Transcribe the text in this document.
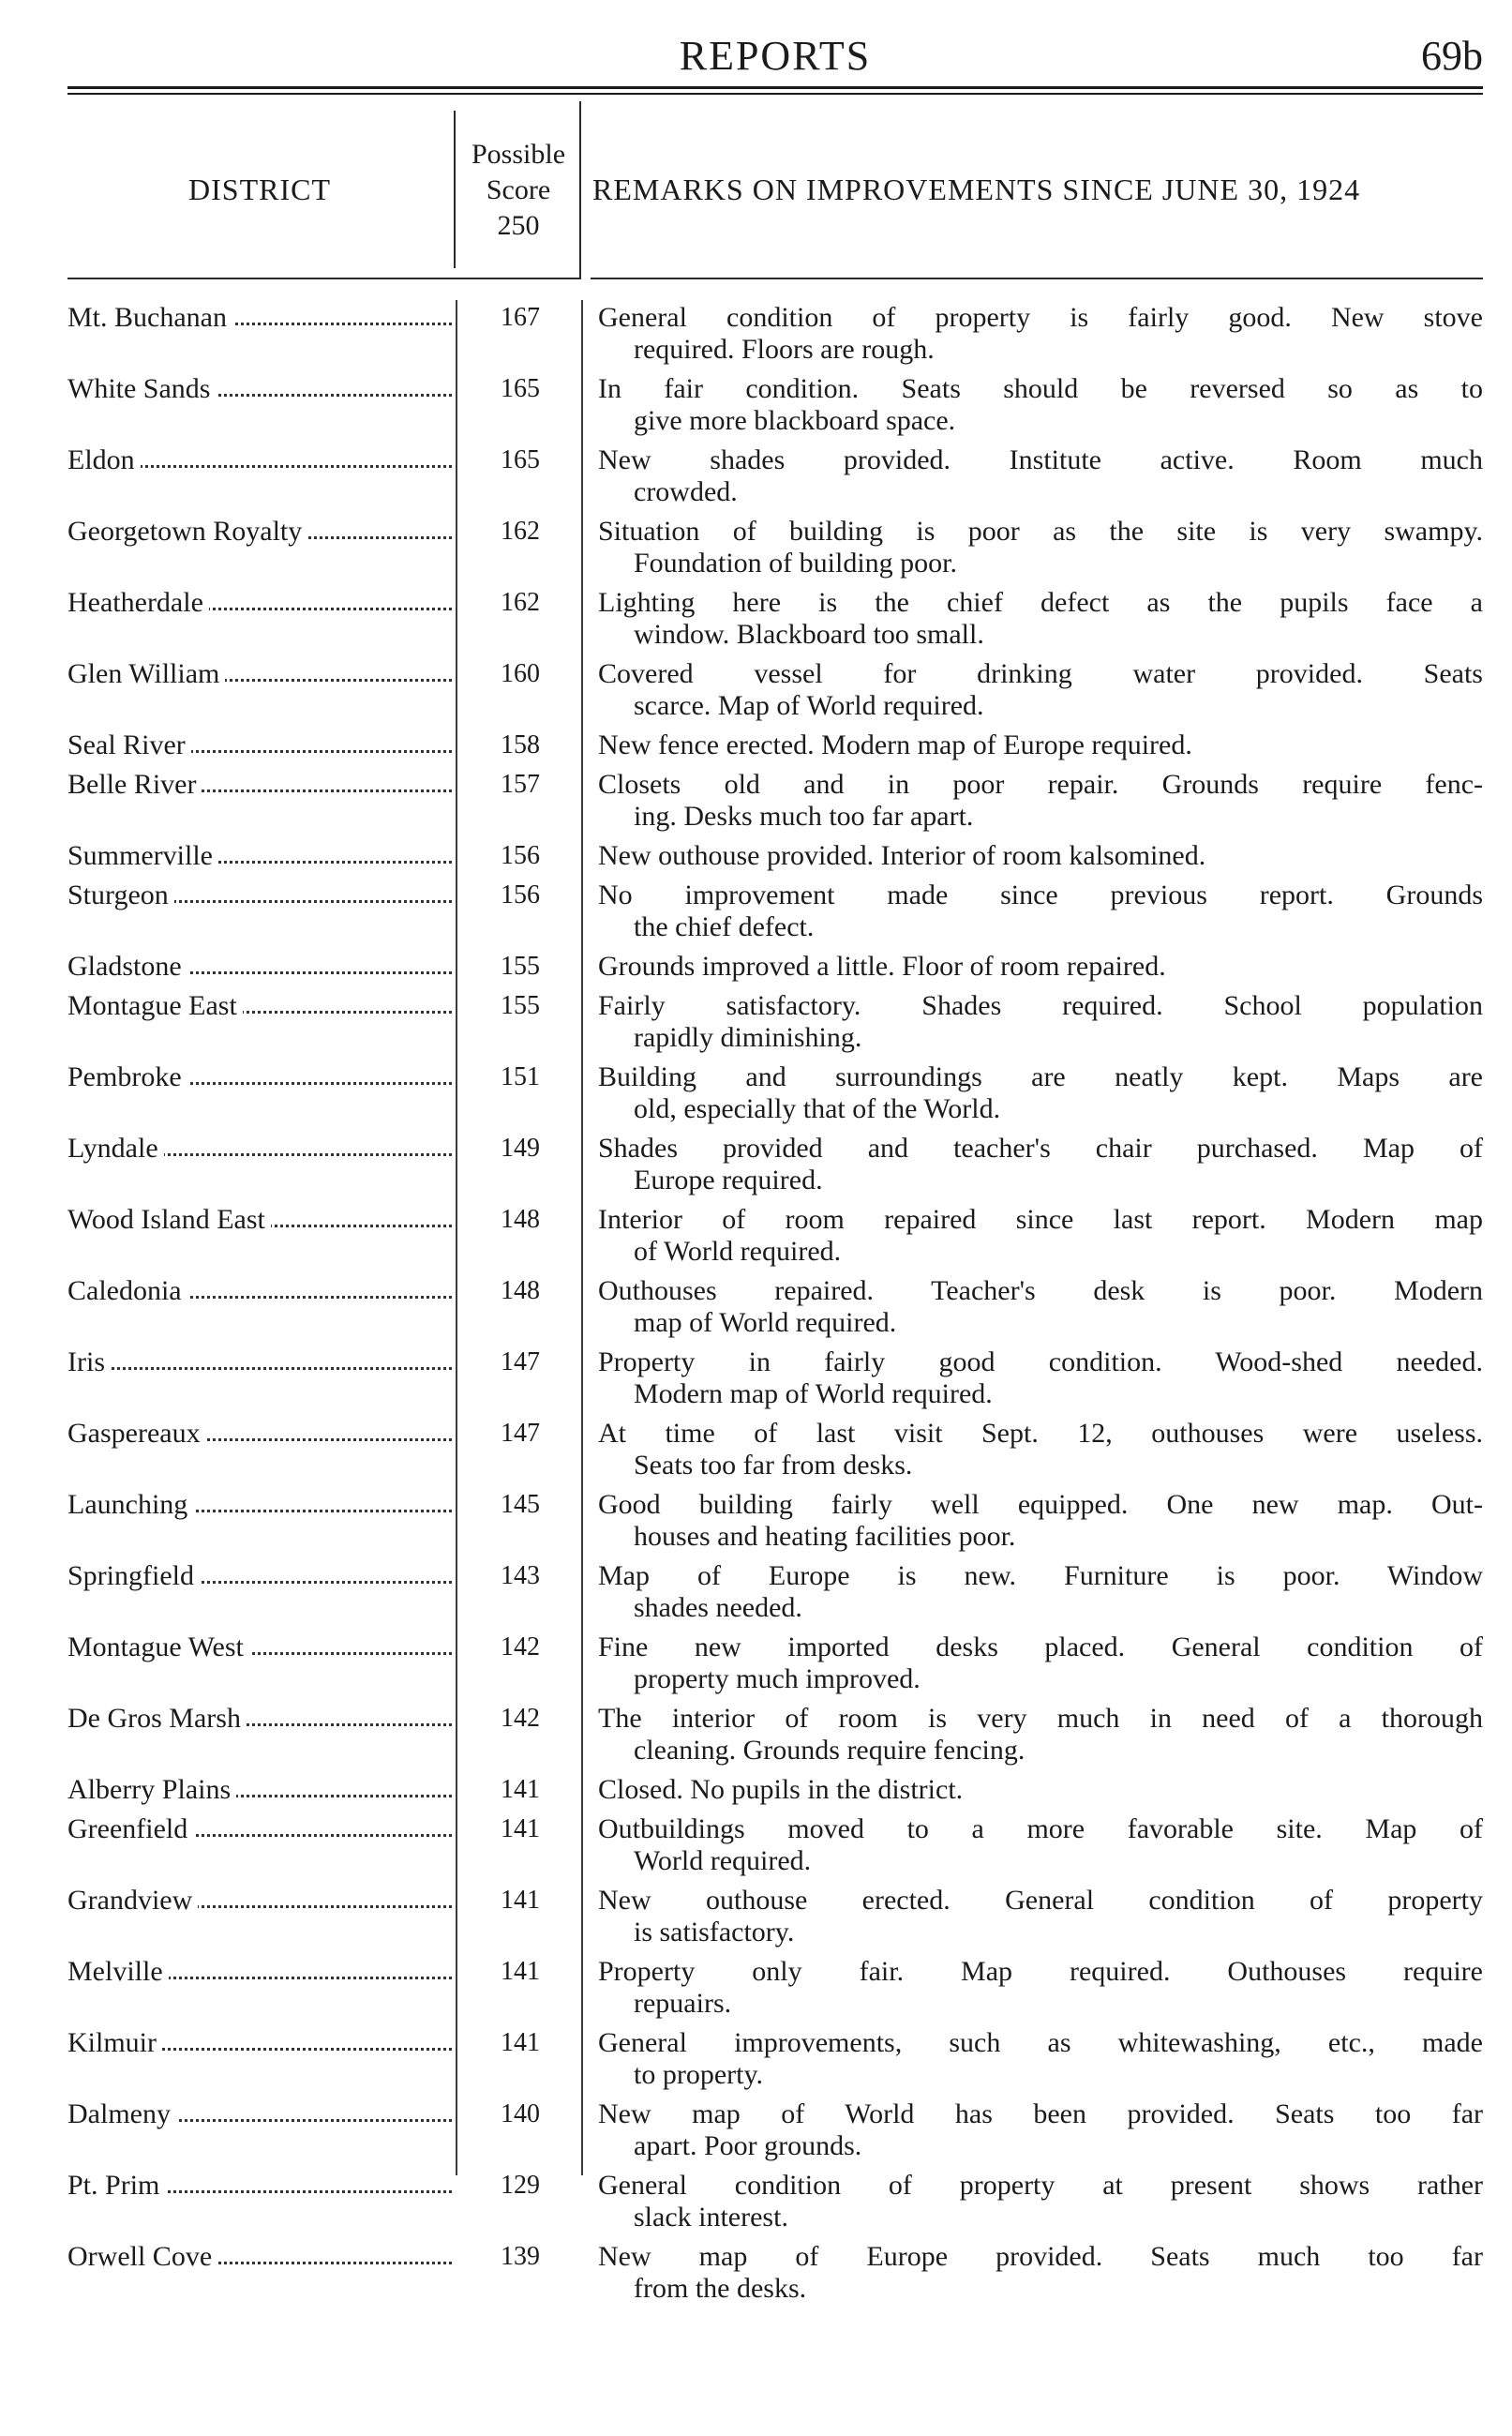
REPORTS	69b
DISTRICT
Possible
Score
250
REMARKS ON IMPROVEMENTS SINCE JUNE 30, 1924
Mt. Buchanan	167	General condition of property is fairly good. New stove
required. Floors are rough.
White Sands	165	In fair condition. Seats should be reversed so as to
give more blackboard space.
Eldon	165	New shades provided. Institute active. Room much
crowded.
Georgetown Royalty	162	Situation of building is poor as the site is very swampy.
Foundation of building poor.
Heatherdale	162	Lighting here is the chief defect as the pupils face a
window. Blackboard too small.
Glen William	160	Covered vessel for drinking water provided. Seats
scarce. Map of World required.
Seal River	158	New fence erected. Modern map of Europe required.
Belle River	157	Closets old and in poor repair. Grounds require fenc-
ing. Desks much too far apart.
Summerville	156	New outhouse provided. Interior of room kalsomined.
Sturgeon	156	No improvement made since previous report. Grounds
the chief defect.
Gladstone	155	Grounds improved a little. Floor of room repaired.
Montague East	155	Fairly satisfactory. Shades required. School population
rapidly diminishing.
Pembroke	151	Building and surroundings are neatly kept. Maps are
old, especially that of the World.
Lyndale	149	Shades provided and teacher's chair purchased. Map of
Europe required.
Wood Island East	148	Interior of room repaired since last report. Modern map
of World required.
Caledonia	148	Outhouses repaired. Teacher's desk is poor. Modern
map of World required.
Iris	147	Property in fairly good condition. Wood-shed needed.
Modern map of World required.
Gaspereaux	147	At time of last visit Sept. 12, outhouses were useless.
Seats too far from desks.
Launching	145	Good building fairly well equipped. One new map. Out-
houses and heating facilities poor.
Springfield	143	Map of Europe is new. Furniture is poor. Window
shades needed.
Montague West	142	Fine new imported desks placed. General condition of
property much improved.
De Gros Marsh	142	The interior of room is very much in need of a thorough
cleaning. Grounds require fencing.
Alberry Plains	141	Closed. No pupils in the district.
Greenfield	141	Outbuildings moved to a more favorable site. Map of
World required.
Grandview	141	New outhouse erected. General condition of property
is satisfactory.
Melville	141	Property only fair. Map required. Outhouses require
repuairs.
Kilmuir	141	General improvements, such as whitewashing, etc., made
to property.
Dalmeny	140	New map of World has been provided. Seats too far
apart. Poor grounds.
Pt. Prim	129	General condition of property at present shows rather
slack interest.
Orwell Cove	139	New map of Europe provided. Seats much too far
from the desks.
